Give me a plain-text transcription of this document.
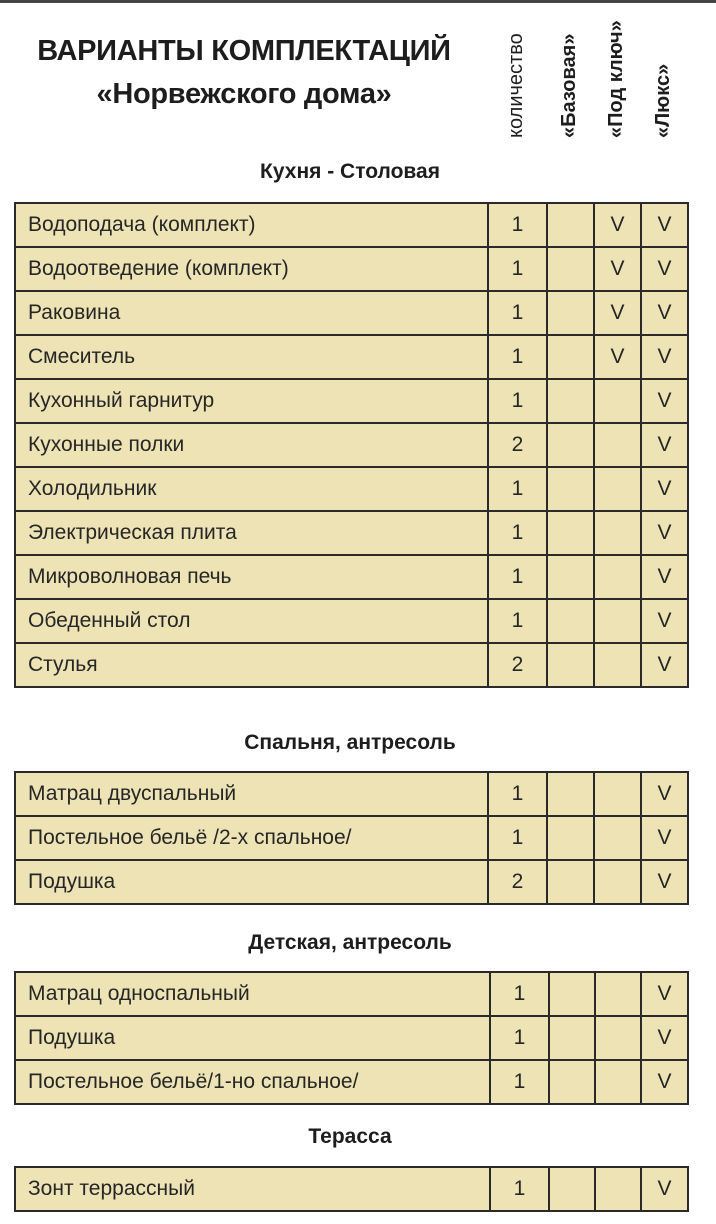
ВАРИАНТЫ КОМПЛЕКТАЦИЙ
«Норвежского дома»	количество «Базовая» «Под ключ» «Люкс»
Кухня - Столовая
Водоподача (комплект)	1		V	V
Водоотведение (комплект)	1		V	V
Раковина	1		V	V
Смеситель	1		V	V
Кухонный гарнитур	1			V
Кухонные полки	2			V
Холодильник	1			V
Электрическая плита	1			V
Микроволновая печь	1			V
Обеденный стол	1			V
Стулья	2			V
Спальня, антресоль
Матрац двуспальный	1			V
Постельное бельё /2-х спальное/	1			V
Подушка	2			V
Детская, антресоль
Матрац односпальный	1			V
Подушка	1			V
Постельное бельё/1-но спальное/	1			V
Терасса
Зонт террассный	1			V
